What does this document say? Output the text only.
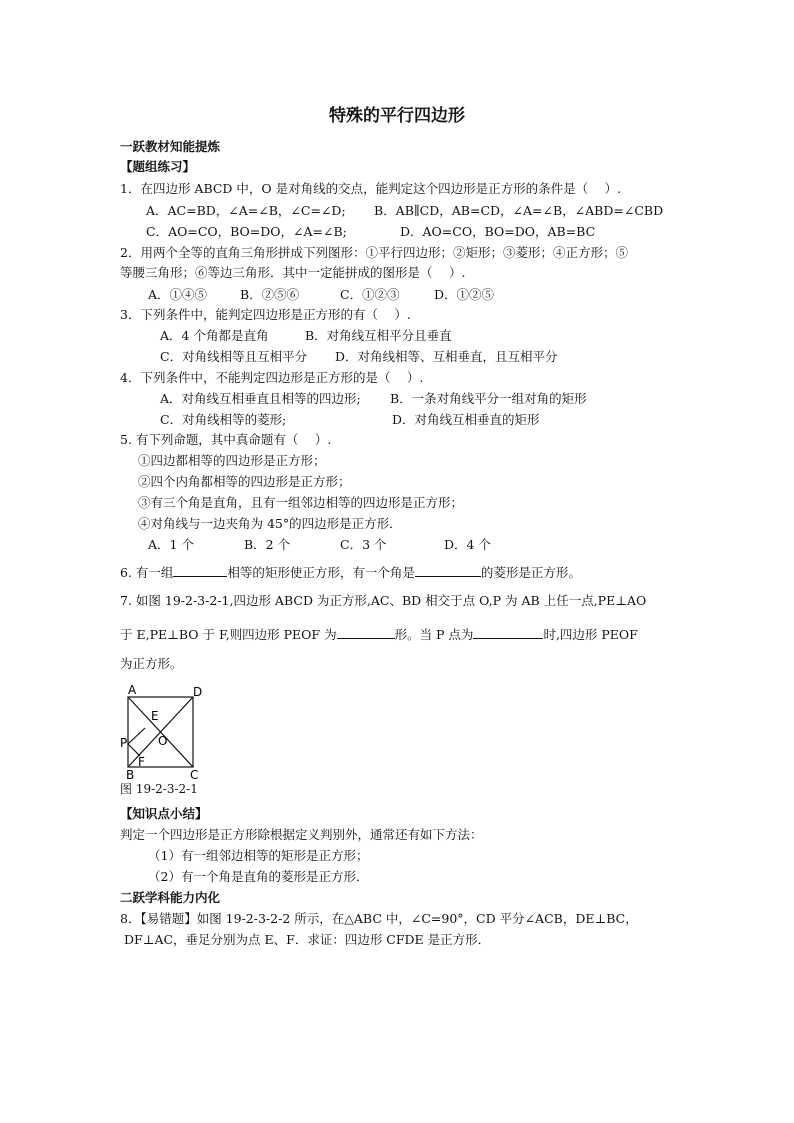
特殊的平行四边形
一跃教材知能提炼
【题组练习】
1．在四边形 ABCD 中，O 是对角线的交点，能判定这个四边形是正方形的条件是（　 ）.
A．AC=BD，∠A=∠B，∠C=∠D; B．AB∥CD，AB=CD，∠A=∠B，∠ABD=∠CBD
C．AO=CO，BO=DO，∠A=∠B;	D．AO=CO，BO=DO，AB=BC
2．用两个全等的直角三角形拼成下列图形：①平行四边形；②矩形；③菱形；④正方形；⑤
等腰三角形；⑥等边三角形．其中一定能拼成的图形是（　 ）.
A．①④⑤	B．②⑤⑥	C．①②③	D．①②⑤
3．下列条件中，能判定四边形是正方形的有（　 ）.
A．4 个角都是直角	B．对角线互相平分且垂直
C．对角线相等且互相平分 D．对角线相等、互相垂直，且互相平分
4．下列条件中，不能判定四边形是正方形的是（　 ）.
A．对角线互相垂直且相等的四边形; B．一条对角线平分一组对角的矩形
C．对角线相等的菱形;	D．对角线互相垂直的矩形
5. 有下列命题，其中真命题有（　 ）.
①四边都相等的四边形是正方形；
②四个内角都相等的四边形是正方形；
③有三个角是直角，且有一组邻边相等的四边形是正方形；
④对角线与一边夹角为 45°的四边形是正方形．
A．1 个	B．2 个	C．3 个	D．4 个
6. 有一组	相等的矩形使正方形，有一个角是	的菱形是正方形。
7. 如图 19-2-3-2-1,四边形 ABCD 为正方形,AC、BD 相交于点 O,P 为 AB 上任一点,PE⊥AO
于 E,PE⊥BO 于 F,则四边形 PEOF 为	形。当 P 点为	时,四边形 PEOF
为正方形。
A	D
E
P	O
F
B	C
图 19-2-3-2-1
【知识点小结】
判定一个四边形是正方形除根据定义判别外，通常还有如下方法：
（1）有一组邻边相等的矩形是正方形；
（2）有一个角是直角的菱形是正方形．
二跃学科能力内化
8．【易错题】如图 19-2-3-2-2 所示，在△ABC 中，∠C=90°，CD 平分∠ACB，DE⊥BC，
DF⊥AC，垂足分别为点 E、F．求证：四边形 CFDE 是正方形．
